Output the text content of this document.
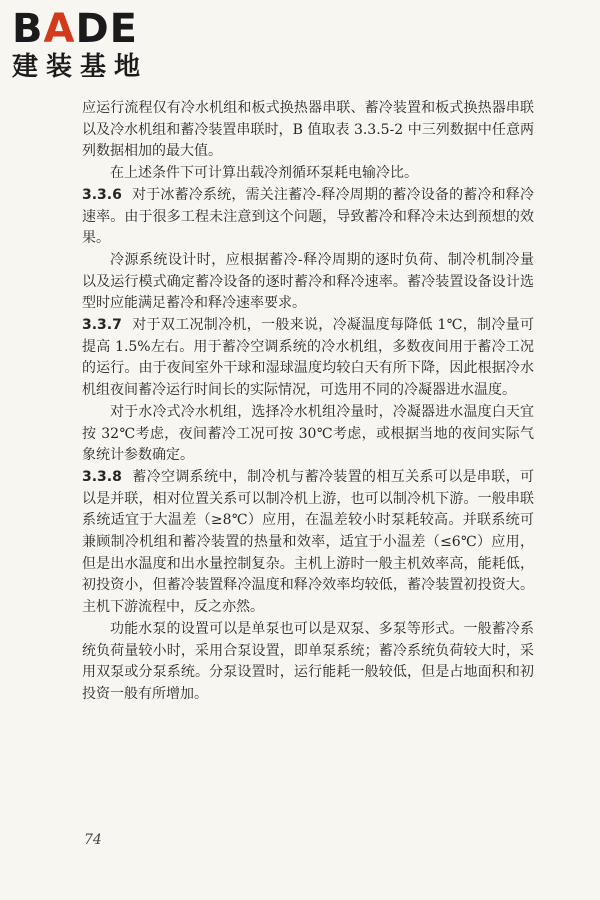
BADE
建装基地

应运行流程仅有冷水机组和板式换热器串联、蓄冷装置和板式换热器串联以及冷水机组和蓄冷装置串联时，B 值取表 3.3.5-2 中三列数据中任意两列数据相加的最大值。

在上述条件下可计算出载冷剂循环泵耗电输冷比。

3.3.6 对于冰蓄冷系统，需关注蓄冷-释冷周期的蓄冷设备的蓄冷和释冷速率。由于很多工程未注意到这个问题，导致蓄冷和释冷未达到预想的效果。

冷源系统设计时，应根据蓄冷-释冷周期的逐时负荷、制冷机制冷量以及运行模式确定蓄冷设备的逐时蓄冷和释冷速率。蓄冷装置设备设计选型时应能满足蓄冷和释冷速率要求。

3.3.7 对于双工况制冷机，一般来说，冷凝温度每降低 1℃，制冷量可提高 1.5%左右。用于蓄冷空调系统的冷水机组，多数夜间用于蓄冷工况的运行。由于夜间室外干球和湿球温度均较白天有所下降，因此根据冷水机组夜间蓄冷运行时间长的实际情况，可选用不同的冷凝器进水温度。

对于水冷式冷水机组，选择冷水机组冷量时，冷凝器进水温度白天宜按 32℃考虑，夜间蓄冷工况可按 30℃考虑，或根据当地的夜间实际气象统计参数确定。

3.3.8 蓄冷空调系统中，制冷机与蓄冷装置的相互关系可以是串联，可以是并联，相对位置关系可以制冷机上游，也可以制冷机下游。一般串联系统适宜于大温差（≥8℃）应用，在温差较小时泵耗较高。并联系统可兼顾制冷机组和蓄冷装置的热量和效率，适宜于小温差（≤6℃）应用，但是出水温度和出水量控制复杂。主机上游时一般主机效率高，能耗低，初投资小，但蓄冷装置释冷温度和释冷效率均较低，蓄冷装置初投资大。主机下游流程中，反之亦然。

功能水泵的设置可以是单泵也可以是双泵、多泵等形式。一般蓄冷系统负荷量较小时，采用合泵设置，即单泵系统；蓄冷系统负荷较大时，采用双泵或分泵系统。分泵设置时，运行能耗一般较低，但是占地面积和初投资一般有所增加。

74
